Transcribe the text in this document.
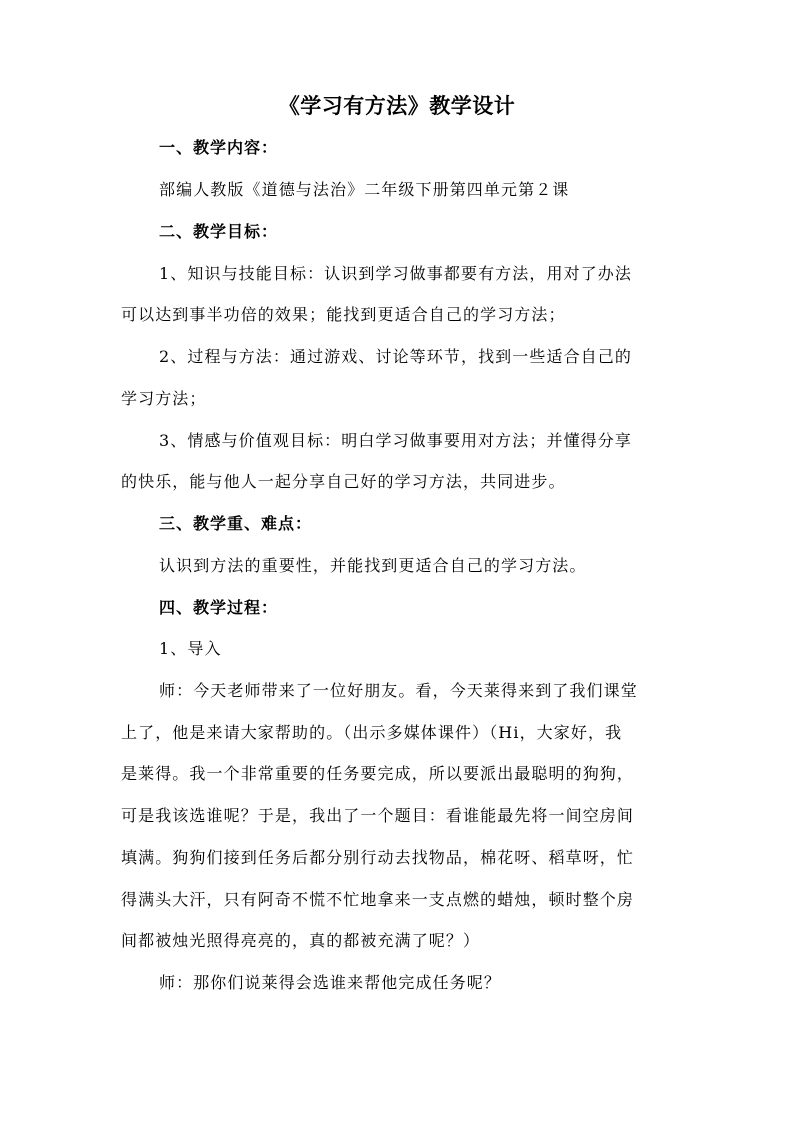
《学习有方法》教学设计
一、教学内容：
部编人教版《道德与法治》二年级下册第四单元第２课
二、教学目标：
1、知识与技能目标：认识到学习做事都要有方法，用对了办法
可以达到事半功倍的效果；能找到更适合自己的学习方法；
2、过程与方法：通过游戏、讨论等环节，找到一些适合自己的
学习方法；
3、情感与价值观目标：明白学习做事要用对方法；并懂得分享
的快乐，能与他人一起分享自己好的学习方法，共同进步。
三、教学重、难点：
认识到方法的重要性，并能找到更适合自己的学习方法。
四、教学过程：
1、导入
师：今天老师带来了一位好朋友。看，今天莱得来到了我们课堂
上了，他是来请大家帮助的。（出示多媒体课件）（Hi，大家好，我
是莱得。我一个非常重要的任务要完成，所以要派出最聪明的狗狗，
可是我该选谁呢？于是，我出了一个题目：看谁能最先将一间空房间
填满。狗狗们接到任务后都分别行动去找物品，棉花呀、稻草呀，忙
得满头大汗，只有阿奇不慌不忙地拿来一支点燃的蜡烛，顿时整个房
间都被烛光照得亮亮的，真的都被充满了呢？）
师：那你们说莱得会选谁来帮他完成任务呢？
